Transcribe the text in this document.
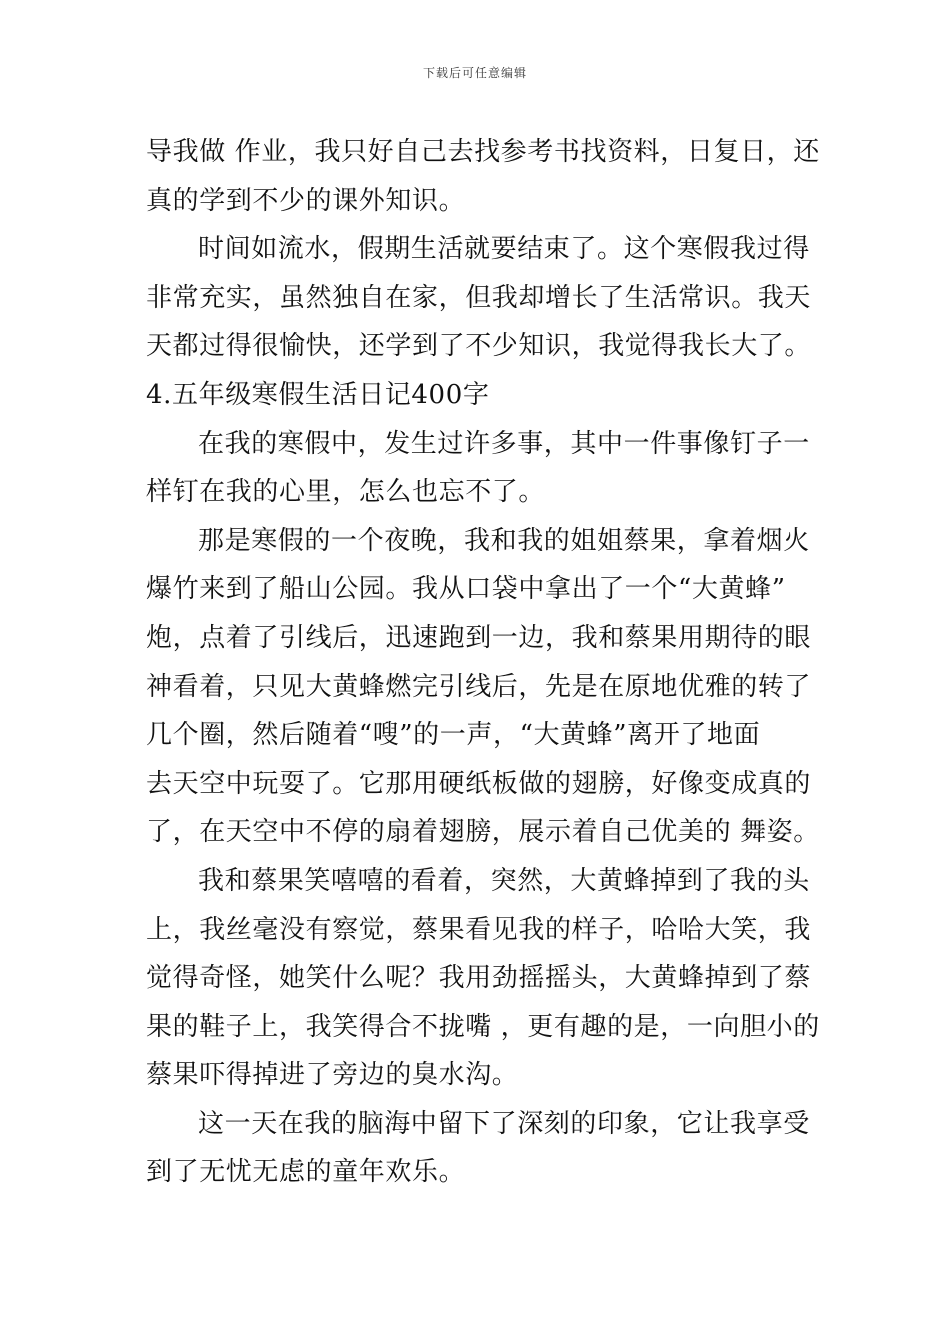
下载后可任意编辑
导我做 作业，我只好自己去找参考书找资料，日复日，还
真的学到不少的课外知识。
时间如流水，假期生活就要结束了。这个寒假我过得
非常充实，虽然独自在家，但我却增长了生活常识。我天
天都过得很愉快，还学到了不少知识，我觉得我长大了。
4.五年级寒假生活日记400字
在我的寒假中，发生过许多事，其中一件事像钉子一
样钉在我的心里，怎么也忘不了。
那是寒假的一个夜晚，我和我的姐姐蔡果，拿着烟火
爆竹来到了船山公园。我从口袋中拿出了一个“大黄蜂”
炮，点着了引线后，迅速跑到一边，我和蔡果用期待的眼
神看着，只见大黄蜂燃完引线后，先是在原地优雅的转了
几个圈，然后随着“嗖”的一声，“大黄蜂”离开了地面
去天空中玩耍了。它那用硬纸板做的翅膀，好像变成真的
了，在天空中不停的扇着翅膀，展示着自己优美的 舞姿。
我和蔡果笑嘻嘻的看着，突然，大黄蜂掉到了我的头
上，我丝毫没有察觉，蔡果看见我的样子，哈哈大笑，我
觉得奇怪，她笑什么呢？我用劲摇摇头，大黄蜂掉到了蔡
果的鞋子上，我笑得合不拢嘴 ，更有趣的是，一向胆小的
蔡果吓得掉进了旁边的臭水沟。
这一天在我的脑海中留下了深刻的印象，它让我享受
到了无忧无虑的童年欢乐。
